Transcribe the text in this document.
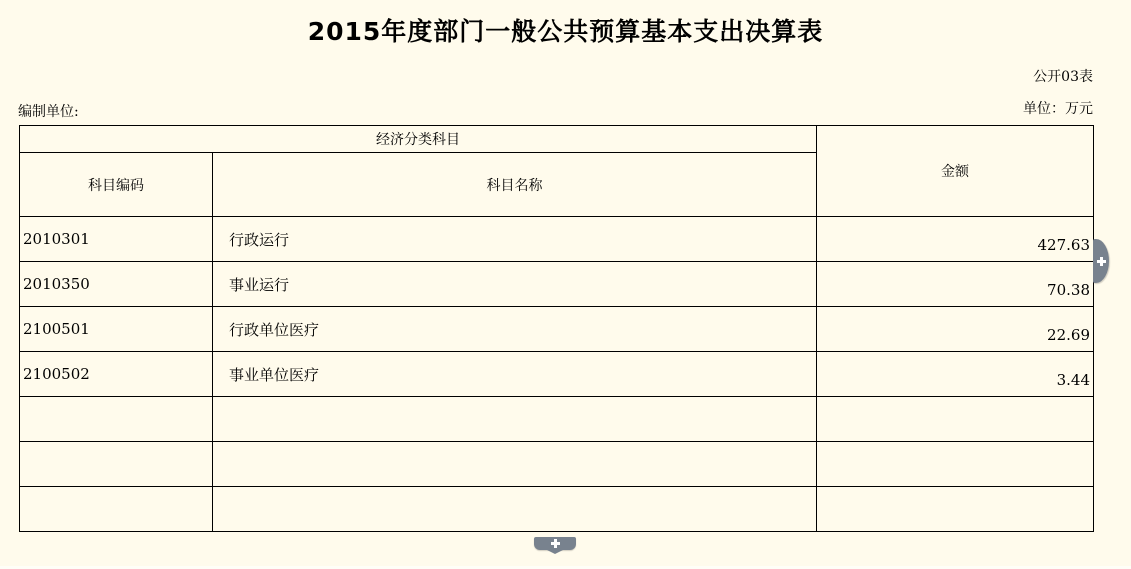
2015年度部门一般公共预算基本支出决算表
公开03表
编制单位:	单位：万元
经济分类科目		金额
科目编码	科目名称	
2010301	行政运行	427.63
2010350	事业运行	70.38
2100501	行政单位医疗	22.69
2100502	事业单位医疗	3.44
